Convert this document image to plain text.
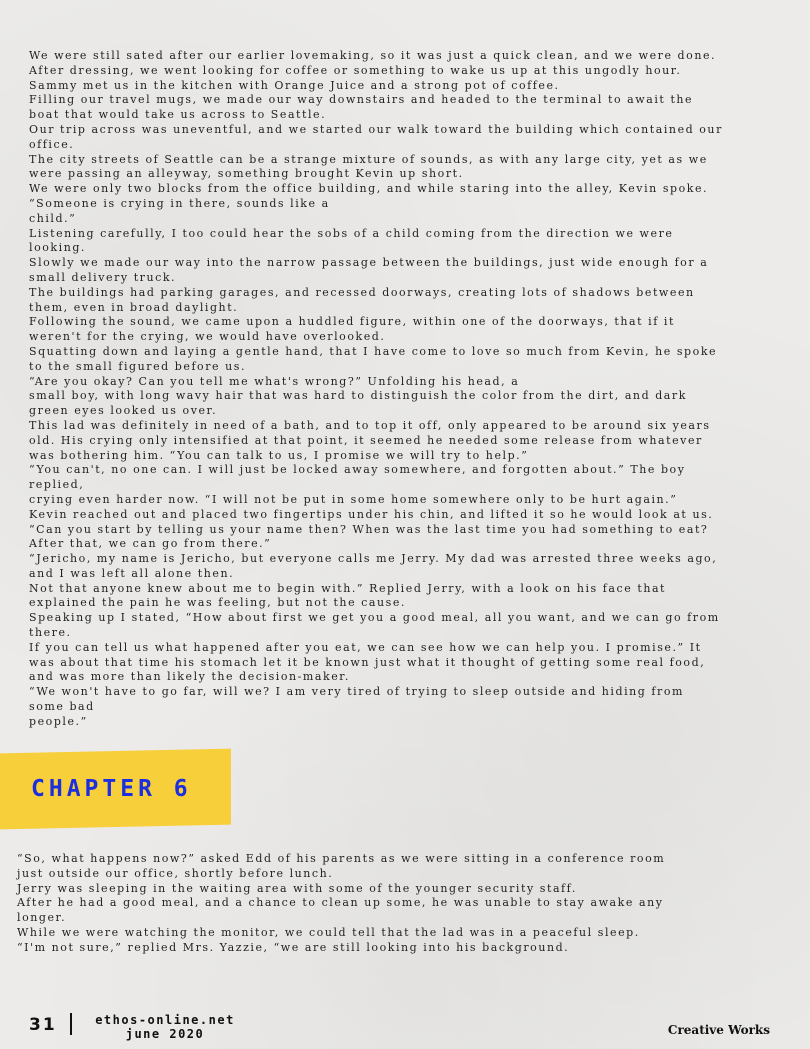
We were still sated after our earlier lovemaking, so it was just a quick clean, and we were done.

After dressing, we went looking for coffee or something to wake us up at this ungodly hour.

Sammy met us in the kitchen with Orange Juice and a strong pot of coffee.

Filling our travel mugs, we made our way downstairs and headed to the terminal to await the

boat that would take us across to Seattle.

Our trip across was uneventful, and we started our walk toward the building which contained our

office.

The city streets of Seattle can be a strange mixture of sounds, as with any large city, yet as we

were passing an alleyway, something brought Kevin up short.

We were only two blocks from the office building, and while staring into the alley, Kevin spoke.

“Someone is crying in there, sounds like a

child.”

Listening carefully, I too could hear the sobs of a child coming from the direction we were

looking.

Slowly we made our way into the narrow passage between the buildings, just wide enough for a

small delivery truck.

The buildings had parking garages, and recessed doorways, creating lots of shadows between

them, even in broad daylight.

Following the sound, we came upon a huddled figure, within one of the doorways, that if it

weren't for the crying, we would have overlooked.

Squatting down and laying a gentle hand, that I have come to love so much from Kevin, he spoke

to the small figured before us.

“Are you okay? Can you tell me what's wrong?” Unfolding his head, a

small boy, with long wavy hair that was hard to distinguish the color from the dirt, and dark

green eyes looked us over.

This lad was definitely in need of a bath, and to top it off, only appeared to be around six years

old. His crying only intensified at that point, it seemed he needed some release from whatever

was bothering him. “You can talk to us, I promise we will try to help.”

“You can't, no one can. I will just be locked away somewhere, and forgotten about.” The boy

replied,

crying even harder now. “I will not be put in some home somewhere only to be hurt again.”

Kevin reached out and placed two fingertips under his chin, and lifted it so he would look at us.

“Can you start by telling us your name then? When was the last time you had something to eat?

After that, we can go from there.”

“Jericho, my name is Jericho, but everyone calls me Jerry. My dad was arrested three weeks ago,

and I was left all alone then.

Not that anyone knew about me to begin with.” Replied Jerry, with a look on his face that

explained the pain he was feeling, but not the cause.

Speaking up I stated, “How about first we get you a good meal, all you want, and we can go from

there.

If you can tell us what happened after you eat, we can see how we can help you. I promise.” It

was about that time his stomach let it be known just what it thought of getting some real food,

and was more than likely the decision-maker.

“We won't have to go far, will we? I am very tired of trying to sleep outside and hiding from

some bad

people.”

CHAPTER 6

“So, what happens now?” asked Edd of his parents as we were sitting in a conference room

just outside our office, shortly before lunch.

Jerry was sleeping in the waiting area with some of the younger security staff.

After he had a good meal, and a chance to clean up some, he was unable to stay awake any

longer.

While we were watching the monitor, we could tell that the lad was in a peaceful sleep.

“I'm not sure,” replied Mrs. Yazzie, “we are still looking into his background.

31	ethos-online.net
june 2020	Creative Works
